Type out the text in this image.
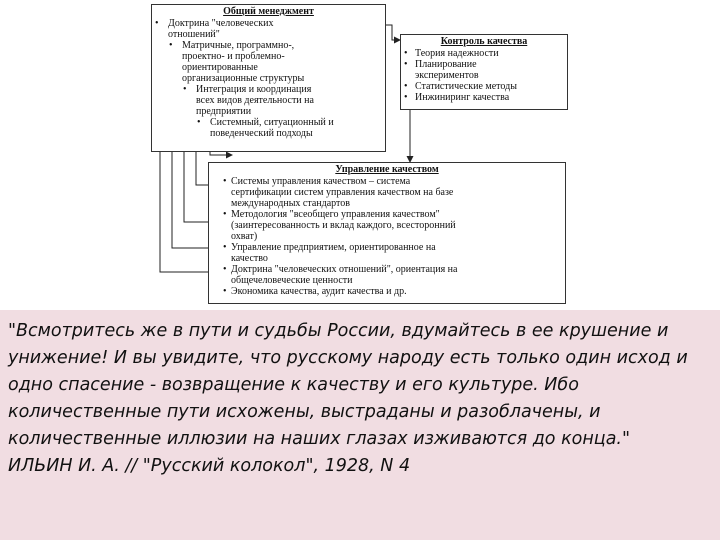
Общий менеджмент
• Доктрина "человеческих
отношений"
• Матричные, программно-,
проектно- и проблемно-
ориентированные
организационные структуры
• Интеграция и координация
всех видов деятельности на
предприятии
• Системный, ситуационный и
поведенческий подходы
Контроль качества
• Теория надежности
• Планирование
экспериментов
• Статистические методы
• Инжиниринг качества
Управление качеством
• Системы управления качеством – система
сертификации систем управления качеством на базе
международных стандартов
• Методология "всеобщего управления качеством"
(заинтересованность и вклад каждого, всесторонний
охват)
• Управление предприятием, ориентированное на
качество
• Доктрина "человеческих отношений", ориентация на
общечеловеческие ценности
• Экономика качества, аудит качества и др.

"Всмотритесь же в пути и судьбы России, вдумайтесь в ее крушение и унижение! И вы увидите, что русскому народу есть только один исход и одно спасение - возвращение к качеству и его культуре. Ибо количественные пути исхожены, выстраданы и разоблачены, и количественные иллюзии на наших глазах изживаются до конца."

ИЛЬИН И. А. // "Русский колокол", 1928, N 4
